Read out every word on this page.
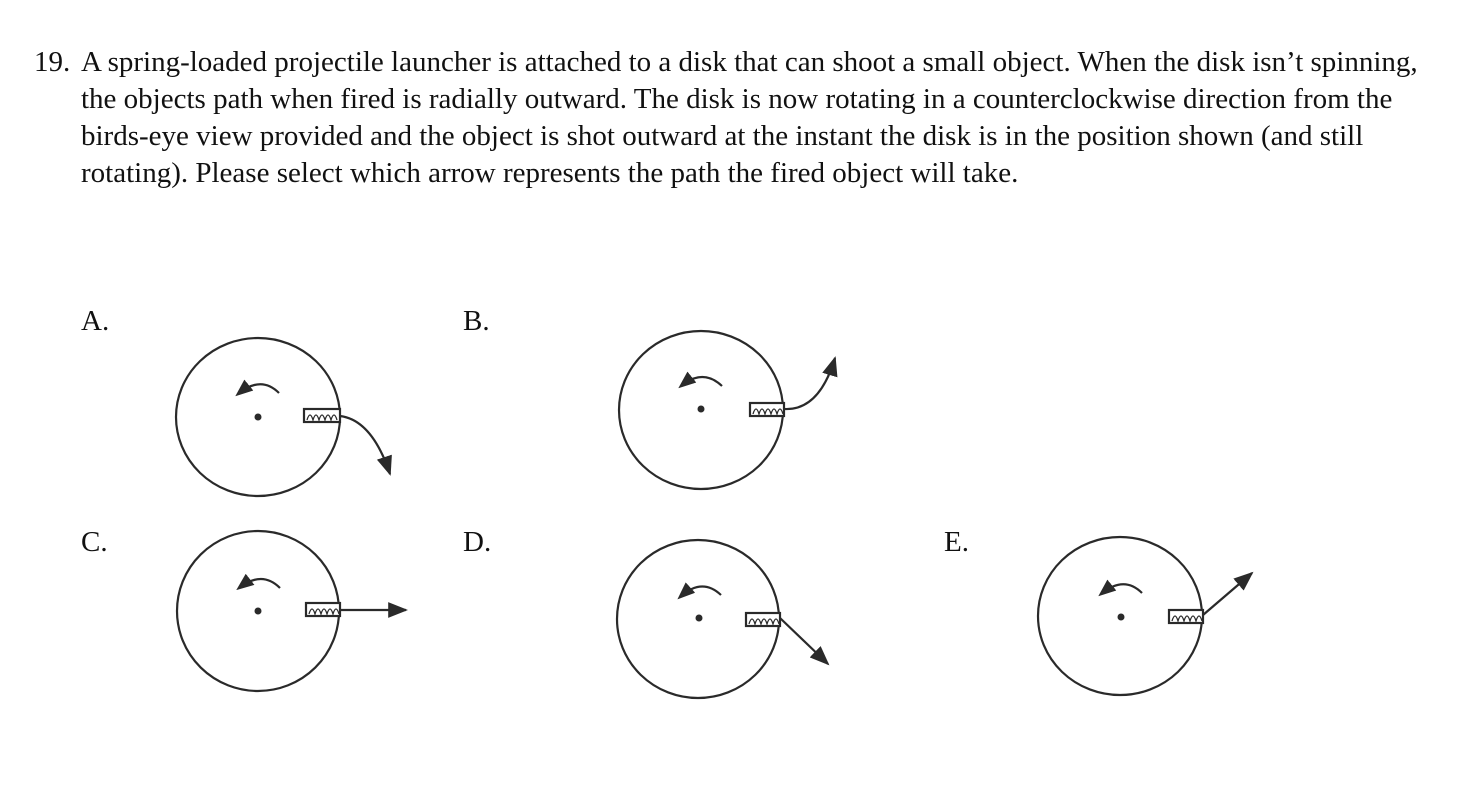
19. A spring-loaded projectile launcher is attached to a disk that can shoot a small object. When the disk isn’t spinning, the objects path when fired is radially outward. The disk is now rotating in a counterclockwise direction from the birds-eye view provided and the object is shot outward at the instant the disk is in the position shown (and still rotating). Please select which arrow represents the path the fired object will take.
A.	B.
C.	D.	E.
